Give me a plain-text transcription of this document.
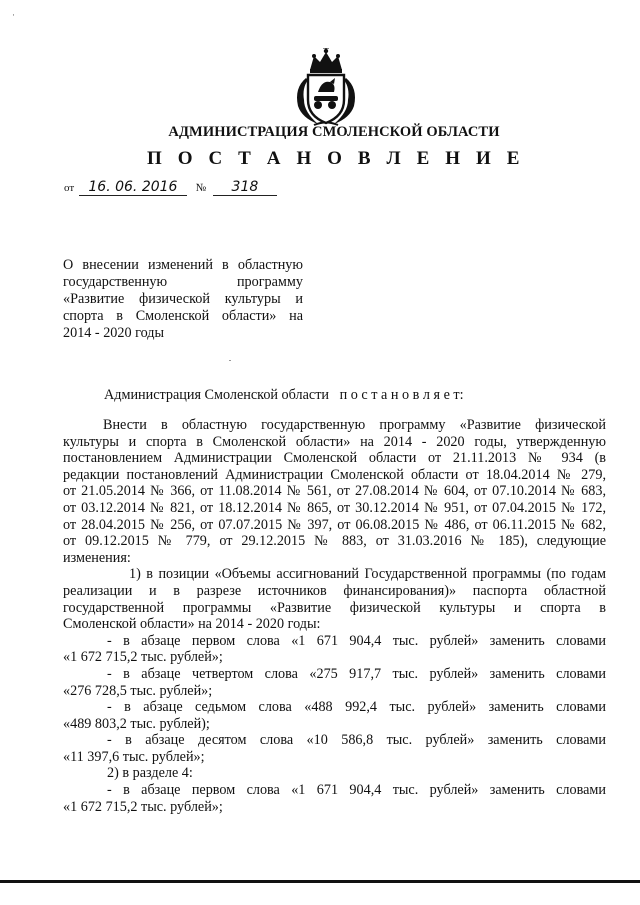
·
АДМИНИСТРАЦИЯ СМОЛЕНСКОЙ ОБЛАСТИ
П О С Т А Н О В Л Е Н И Е
от 16. 06. 2016 № 318
О внесении изменений в областную
государственную программу
«Развитие физической культуры и
спорта в Смоленской области» на
2014 - 2020 годы
Администрация Смоленской области п о с т а н о в л я е т:
Внести в областную государственную программу «Развитие физической
культуры и спорта в Смоленской области» на 2014 - 2020 годы, утвержденную
постановлением Администрации Смоленской области от 21.11.2013 № 934 (в
редакции постановлений Администрации Смоленской области от 18.04.2014 № 279,
от 21.05.2014 № 366, от 11.08.2014 № 561, от 27.08.2014 № 604, от 07.10.2014 № 683,
от 03.12.2014 № 821, от 18.12.2014 № 865, от 30.12.2014 № 951, от 07.04.2015 № 172,
от 28.04.2015 № 256, от 07.07.2015 № 397, от 06.08.2015 № 486, от 06.11.2015 № 682,
от 09.12.2015 № 779, от 29.12.2015 № 883, от 31.03.2016 № 185), следующие
изменения:
1) в позиции «Объемы ассигнований Государственной программы (по годам
реализации и в разрезе источников финансирования)» паспорта областной
государственной программы «Развитие физической культуры и спорта в
Смоленской области» на 2014 - 2020 годы:
- в абзаце первом слова «1 671 904,4 тыс. рублей» заменить словами
«1 672 715,2 тыс. рублей»;
- в абзаце четвертом слова «275 917,7 тыс. рублей» заменить словами
«276 728,5 тыс. рублей»;
- в абзаце седьмом слова «488 992,4 тыс. рублей» заменить словами
«489 803,2 тыс. рублей);
- в абзаце десятом слова «10 586,8 тыс. рублей» заменить словами
«11 397,6 тыс. рублей»;
2) в разделе 4:
- в абзаце первом слова «1 671 904,4 тыс. рублей» заменить словами
«1 672 715,2 тыс. рублей»;
